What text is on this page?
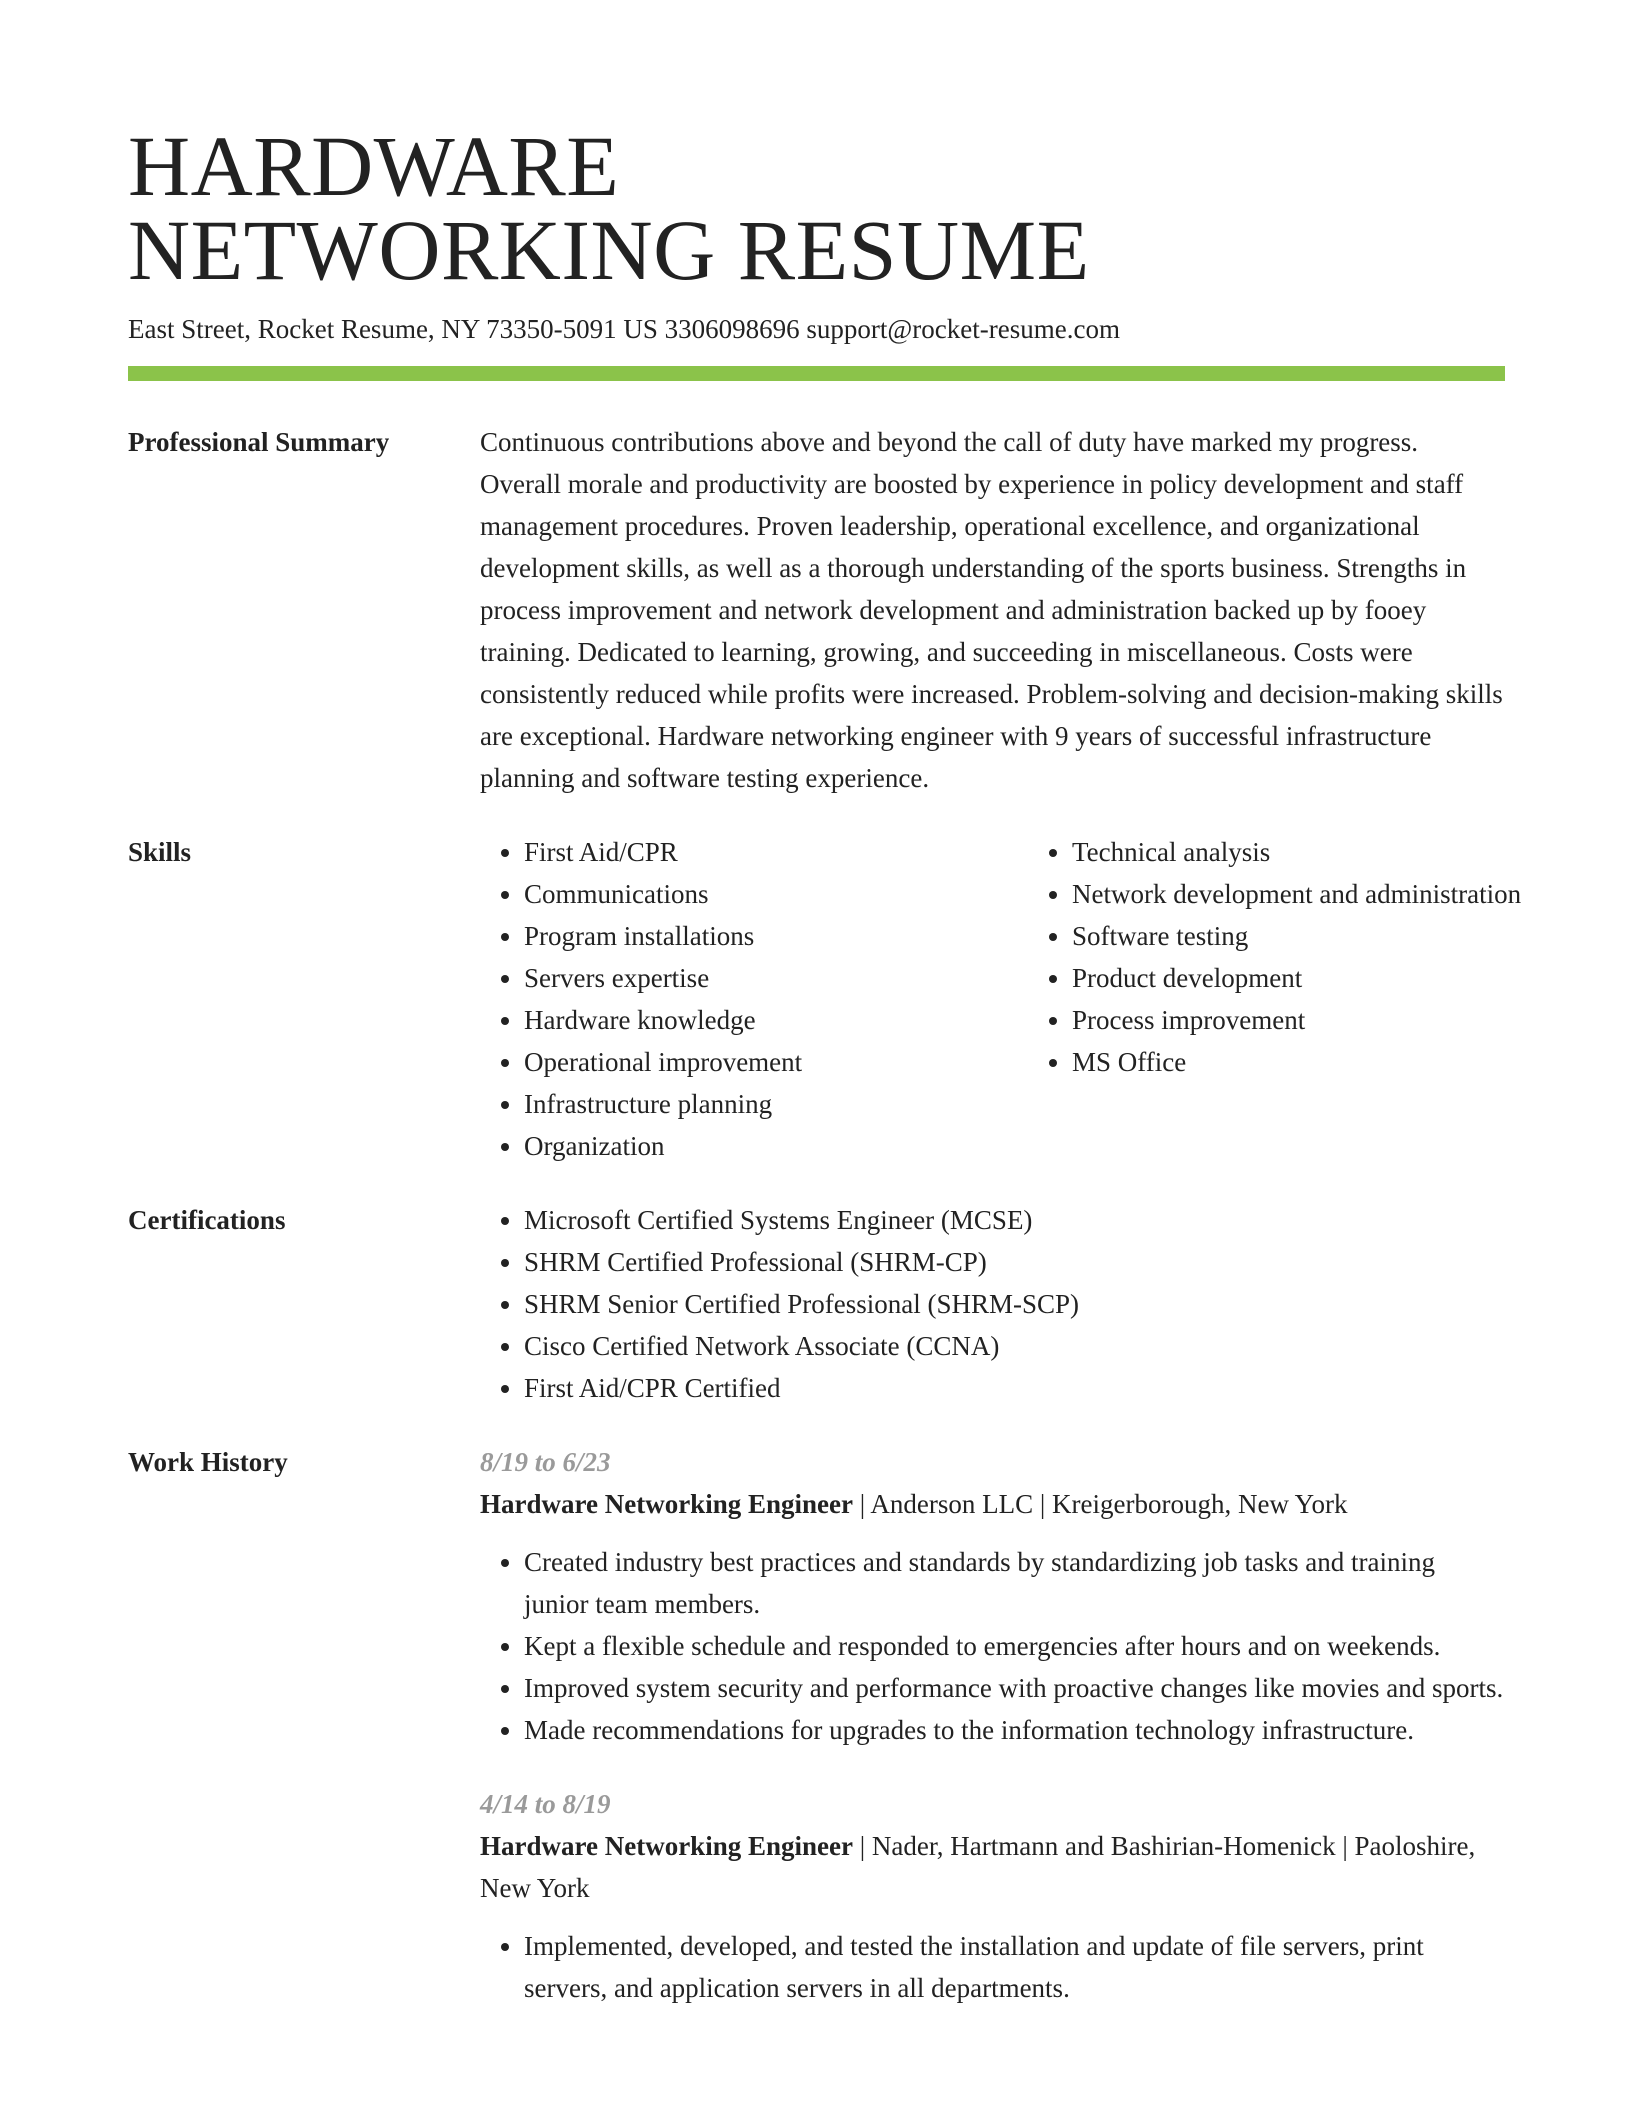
HARDWARE
NETWORKING RESUME
East Street, Rocket Resume, NY 73350-5091 US 3306098696 support@rocket-resume.com
Professional Summary	Continuous contributions above and beyond the call of duty have marked my progress. Overall morale and productivity are boosted by experience in policy development and staff management procedures. Proven leadership, operational excellence, and organizational development skills, as well as a thorough understanding of the sports business. Strengths in process improvement and network development and administration backed up by fooey training. Dedicated to learning, growing, and succeeding in miscellaneous. Costs were consistently reduced while profits were increased. Problem-solving and decision-making skills are exceptional. Hardware networking engineer with 9 years of successful infrastructure planning and software testing experience.
Skills	• First Aid/CPR
• Communications
• Program installations
• Servers expertise
• Hardware knowledge
• Operational improvement
• Infrastructure planning
• Organization
• Technical analysis
• Network development and administration
• Software testing
• Product development
• Process improvement
• MS Office
Certifications	• Microsoft Certified Systems Engineer (MCSE)
• SHRM Certified Professional (SHRM-CP)
• SHRM Senior Certified Professional (SHRM-SCP)
• Cisco Certified Network Associate (CCNA)
• First Aid/CPR Certified
Work History	8/19 to 6/23
Hardware Networking Engineer | Anderson LLC | Kreigerborough, New York
• Created industry best practices and standards by standardizing job tasks and training junior team members.
• Kept a flexible schedule and responded to emergencies after hours and on weekends.
• Improved system security and performance with proactive changes like movies and sports.
• Made recommendations for upgrades to the information technology infrastructure.
4/14 to 8/19
Hardware Networking Engineer | Nader, Hartmann and Bashirian-Homenick | Paoloshire, New York
• Implemented, developed, and tested the installation and update of file servers, print servers, and application servers in all departments.
